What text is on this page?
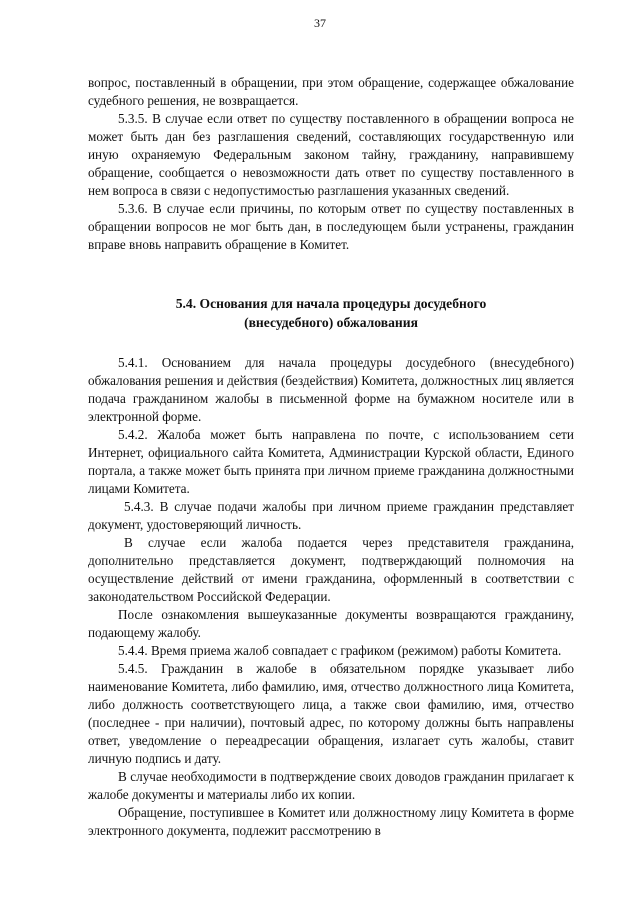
37

вопрос, поставленный в обращении, при этом обращение, содержащее обжалование судебного решения, не возвращается.

5.3.5. В случае если ответ по существу поставленного в обращении вопроса не может быть дан без разглашения сведений, составляющих государственную или иную охраняемую Федеральным законом тайну, гражданину, направившему обращение, сообщается о невозможности дать ответ по существу поставленного в нем вопроса в связи с недопустимостью разглашения указанных сведений.

5.3.6. В случае если причины, по которым ответ по существу поставленных в обращении вопросов не мог быть дан, в последующем были устранены, гражданин вправе вновь направить обращение в Комитет.

5.4. Основания для начала процедуры досудебного
(внесудебного) обжалования

5.4.1. Основанием для начала процедуры досудебного (внесудебного) обжалования решения и действия (бездействия) Комитета, должностных лиц является подача гражданином жалобы в письменной форме на бумажном носителе или в электронной форме.

5.4.2. Жалоба может быть направлена по почте, с использованием сети Интернет, официального сайта Комитета, Администрации Курской области, Единого портала, а также может быть принята при личном приеме гражданина должностными лицами Комитета.

5.4.3. В случае подачи жалобы при личном приеме гражданин представляет документ, удостоверяющий личность.

В случае если жалоба подается через представителя гражданина, дополнительно представляется документ, подтверждающий полномочия на осуществление действий от имени гражданина, оформленный в соответствии с законодательством Российской Федерации.

После ознакомления вышеуказанные документы возвращаются гражданину, подающему жалобу.

5.4.4. Время приема жалоб совпадает с графиком (режимом) работы Комитета.

5.4.5. Гражданин в жалобе в обязательном порядке указывает либо наименование Комитета, либо фамилию, имя, отчество должностного лица Комитета, либо должность соответствующего лица, а также свои фамилию, имя, отчество (последнее - при наличии), почтовый адрес, по которому должны быть направлены ответ, уведомление о переадресации обращения, излагает суть жалобы, ставит личную подпись и дату.

В случае необходимости в подтверждение своих доводов гражданин прилагает к жалобе документы и материалы либо их копии.

Обращение, поступившее в Комитет или должностному лицу Комитета в форме электронного документа, подлежит рассмотрению в
